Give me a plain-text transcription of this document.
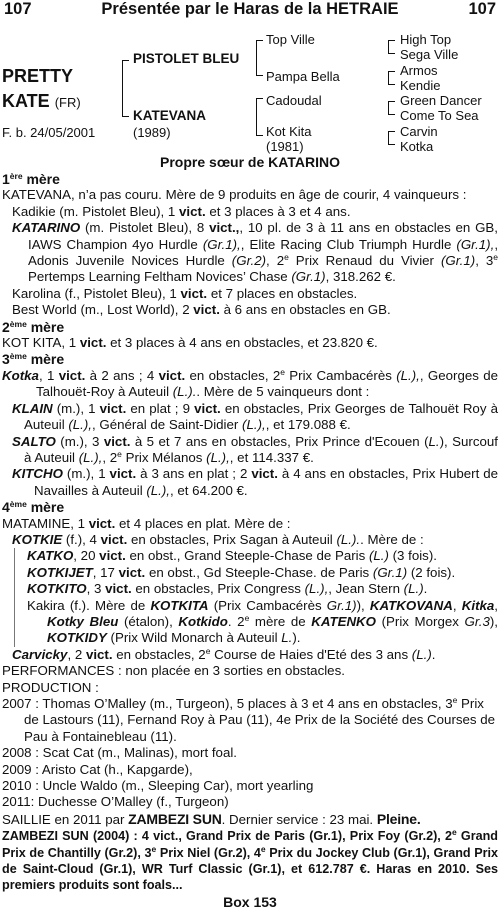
107	Présentée par le Haras de la HETRAIE	107
PRETTY
KATE (FR)
F. b. 24/05/2001
PISTOLET BLEU
KATEVANA
(1989)
Top Ville
Pampa Bella
Cadoudal
Kot Kita
(1981)
High Top
Sega Ville
Armos
Kendie
Green Dancer
Come To Sea
Carvin
Kotka
Propre sœur de KATARINO

1ère mère

KATEVANA, n’a pas couru. Mère de 9 produits en âge de courir, 4 vainqueurs :

Kadikie (m. Pistolet Bleu), 1 vict. et 3 places à 3 et 4 ans.

KATARINO (m. Pistolet Bleu), 8 vict.,, 10 pl. de 3 à 11 ans en obstacles en GB, IAWS Champion 4yo Hurdle (Gr.1),, Elite Racing Club Triumph Hurdle (Gr.1),, Adonis Juvenile Novices Hurdle (Gr.2), 2e Prix Renaud du Vivier (Gr.1), 3e Pertemps Learning Feltham Novices’ Chase (Gr.1), 318.262 €.

Karolina (f., Pistolet Bleu), 1 vict. et 7 places en obstacles.

Best World (m., Lost World), 2 vict. à 6 ans en obstacles en GB.

2ème mère

KOT KITA, 1 vict. et 3 places à 4 ans en obstacles, et 23.820 €.

3ème mère

Kotka, 1 vict. à 2 ans ; 4 vict. en obstacles, 2e Prix Cambacérès (L.),, Georges de Talhouët-Roy à Auteuil (L.).. Mère de 5 vainqueurs dont :

KLAIN (m.), 1 vict. en plat ; 9 vict. en obstacles, Prix Georges de Talhouët Roy à Auteuil (L.),, Général de Saint-Didier (L.),, et 179.088 €.

SALTO (m.), 3 vict. à 5 et 7 ans en obstacles, Prix Prince d'Ecouen (L.), Surcouf à Auteuil (L.),, 2e Prix Mélanos (L.),, et 114.337 €.

KITCHO (m.), 1 vict. à 3 ans en plat ; 2 vict. à 4 ans en obstacles, Prix Hubert de Navailles à Auteuil (L.),, et 64.200 €.

4ème mère

MATAMINE, 1 vict. et 4 places en plat. Mère de :

KOTKIE (f.), 4 vict. en obstacles, Prix Sagan à Auteuil (L.).. Mère de :

KATKO, 20 vict. en obst., Grand Steeple-Chase de Paris (L.) (3 fois).

KOTKIJET, 17 vict. en obst., Gd Steeple-Chase. de Paris (Gr.1) (2 fois).

KOTKITO, 3 vict. en obstacles, Prix Congress (L.),, Jean Stern (L.).

Kakira (f.). Mère de KOTKITA (Prix Cambacérès Gr.1)), KATKOVANA, Kitka, Kotky Bleu (étalon), Kotkido. 2e mère de KATENKO (Prix Morgex Gr.3), KOTKIDY (Prix Wild Monarch à Auteuil L.).

Carvicky, 2 vict. en obstacles, 2e Course de Haies d'Eté des 3 ans (L.).

PERFORMANCES : non placée en 3 sorties en obstacles.

PRODUCTION :

2007 : Thomas O’Malley (m., Turgeon), 5 places à 3 et 4 ans en obstacles, 3e Prix de Lastours (11), Fernand Roy à Pau (11), 4e Prix de la Société des Courses de Pau à Fontainebleau (11).

2008 : Scat Cat (m., Malinas), mort foal.

2009 : Aristo Cat (h., Kapgarde),

2010 : Uncle Waldo (m., Sleeping Car), mort yearling

2011: Duchesse O’Malley (f., Turgeon)

SAILLIE en 2011 par ZAMBEZI SUN. Dernier service : 23 mai. Pleine.

ZAMBEZI SUN (2004) : 4 vict., Grand Prix de Paris (Gr.1), Prix Foy (Gr.2), 2e Grand Prix de Chantilly (Gr.2), 3e Prix Niel (Gr.2), 4e Prix du Jockey Club (Gr.1), Grand Prix de Saint-Cloud (Gr.1), WR Turf Classic (Gr.1), et 612.787 €. Haras en 2010. Ses premiers produits sont foals...

Box 153
